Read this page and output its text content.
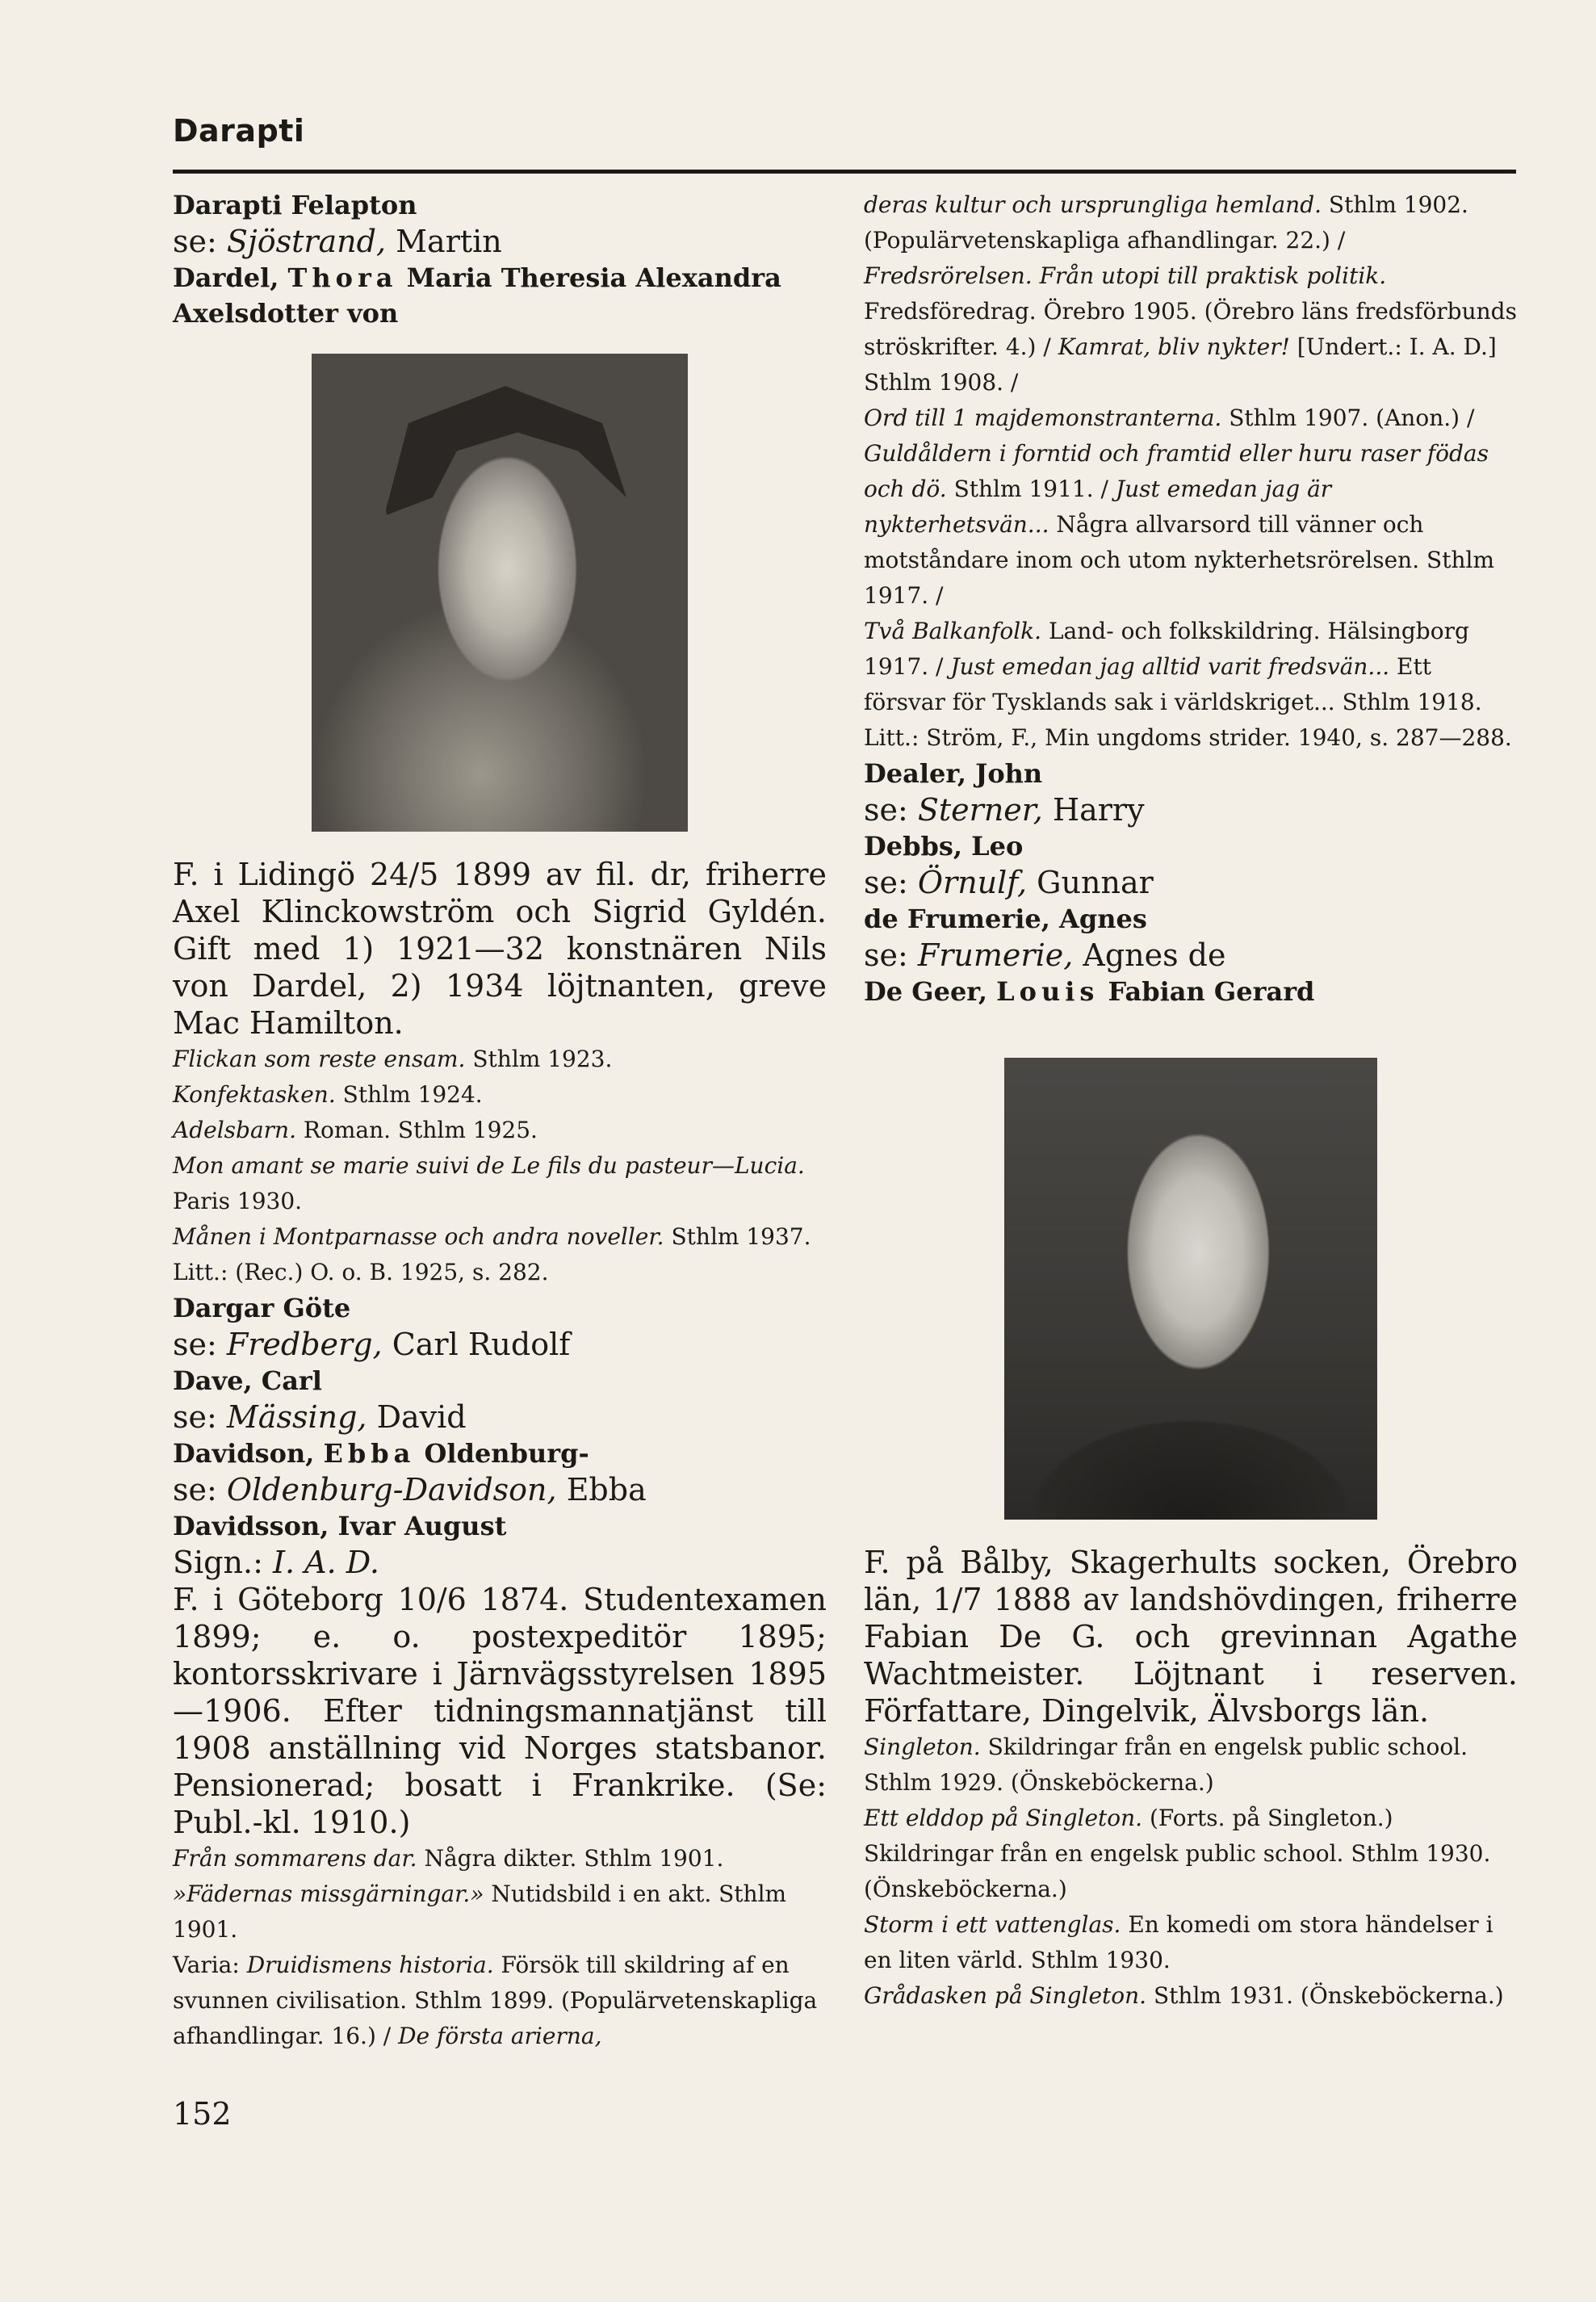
Darapti
Darapti Felapton
se: Sjöstrand, Martin
Dardel, Thora Maria Theresia Alexandra Axelsdotter von
F. i Lidingö 24/5 1899 av fil. dr, friherre Axel Klinckowström och Sigrid Gyldén. Gift med 1) 1921—32 konstnären Nils von Dardel, 2) 1934 löjtnanten, greve Mac Hamilton.
Flickan som reste ensam. Sthlm 1923.
Konfektasken. Sthlm 1924.
Adelsbarn. Roman. Sthlm 1925.
Mon amant se marie suivi de Le fils du pasteur—Lucia. Paris 1930.
Månen i Montparnasse och andra noveller. Sthlm 1937.
Litt.: (Rec.) O. o. B. 1925, s. 282.
Dargar Göte
se: Fredberg, Carl Rudolf
Dave, Carl
se: Mässing, David
Davidson, Ebba Oldenburg-
se: Oldenburg-Davidson, Ebba
Davidsson, Ivar August
Sign.: I. A. D.
F. i Göteborg 10/6 1874. Studentexamen 1899; e. o. postexpeditör 1895; kontorsskrivare i Järnvägsstyrelsen 1895—1906. Efter tidningsmannatjänst till 1908 anställning vid Norges statsbanor. Pensionerad; bosatt i Frankrike. (Se: Publ.-kl. 1910.)
Från sommarens dar. Några dikter. Sthlm 1901.
»Fädernas missgärningar.» Nutidsbild i en akt. Sthlm 1901.
Varia: Druidismens historia. Försök till skildring af en svunnen civilisation. Sthlm 1899. (Populärvetenskapliga afhandlingar. 16.) / De första arierna,
deras kultur och ursprungliga hemland. Sthlm 1902. (Populärvetenskapliga afhandlingar. 22.) / Fredsrörelsen. Från utopi till praktisk politik. Fredsföredrag. Örebro 1905. (Örebro läns fredsförbunds ströskrifter. 4.) / Kamrat, bliv nykter! [Undert.: I. A. D.] Sthlm 1908. /
Ord till 1 majdemonstranterna. Sthlm 1907. (Anon.) / Guldåldern i forntid och framtid eller huru raser födas och dö. Sthlm 1911. / Just emedan jag är nykterhetsvän... Några allvarsord till vänner och motståndare inom och utom nykterhetsrörelsen. Sthlm 1917. /
Två Balkanfolk. Land- och folkskildring. Hälsingborg 1917. / Just emedan jag alltid varit fredsvän... Ett försvar för Tysklands sak i världskriget... Sthlm 1918.
Litt.: Ström, F., Min ungdoms strider. 1940, s. 287—288.
Dealer, John
se: Sterner, Harry
Debbs, Leo
se: Örnulf, Gunnar
de Frumerie, Agnes
se: Frumerie, Agnes de
De Geer, Louis Fabian Gerard
F. på Bålby, Skagerhults socken, Örebro län, 1/7 1888 av landshövdingen, friherre Fabian De G. och grevinnan Agathe Wachtmeister. Löjtnant i reserven. Författare, Dingelvik, Älvsborgs län.
Singleton. Skildringar från en engelsk public school. Sthlm 1929. (Önskeböckerna.)
Ett elddop på Singleton. (Forts. på Singleton.) Skildringar från en engelsk public school. Sthlm 1930. (Önskeböckerna.)
Storm i ett vattenglas. En komedi om stora händelser i en liten värld. Sthlm 1930.
Grådasken på Singleton. Sthlm 1931. (Önskeböckerna.)
152
